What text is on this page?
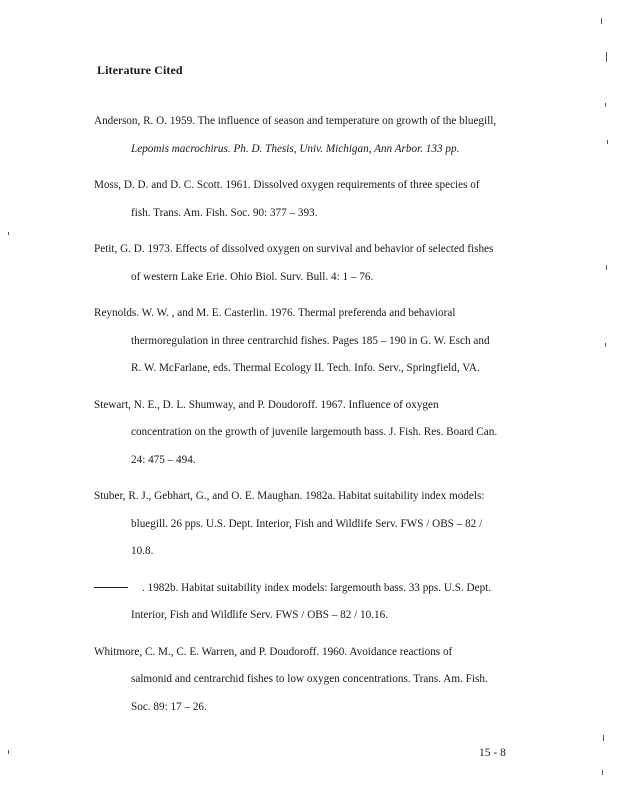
Literature Cited
Anderson, R. O. 1959. The influence of season and temperature on growth of the bluegill,
Lepomis macrochirus. Ph. D. Thesis, Univ. Michigan, Ann Arbor. 133 pp.
Moss, D. D. and D. C. Scott. 1961. Dissolved oxygen requirements of three species of
fish. Trans. Am. Fish. Soc. 90: 377 – 393.
Petit, G. D. 1973. Effects of dissolved oxygen on survival and behavior of selected fishes
of western Lake Erie. Ohio Biol. Surv. Bull. 4: 1 – 76.
Reynolds. W. W. , and M. E. Casterlin. 1976. Thermal preferenda and behavioral
thermoregulation in three centrarchid fishes. Pages 185 – 190 in G. W. Esch and
R. W. McFarlane, eds. Thermal Ecology II. Tech. Info. Serv., Springfield, VA.
Stewart, N. E., D. L. Shumway, and P. Doudoroff. 1967. Influence of oxygen
concentration on the growth of juvenile largemouth bass. J. Fish. Res. Board Can.
24: 475 – 494.
Stuber, R. J., Gebhart, G., and O. E. Maughan. 1982a. Habitat suitability index models:
bluegill. 26 pps. U.S. Dept. Interior, Fish and Wildlife Serv. FWS / OBS – 82 /
10.8.
. 1982b. Habitat suitability index models: largemouth bass. 33 pps. U.S. Dept.
Interior, Fish and Wildlife Serv. FWS / OBS – 82 / 10.16.
Whitmore, C. M., C. E. Warren, and P. Doudoroff. 1960. Avoidance reactions of
salmonid and centrarchid fishes to low oxygen concentrations. Trans. Am. Fish.
Soc. 89: 17 – 26.
15 - 8
